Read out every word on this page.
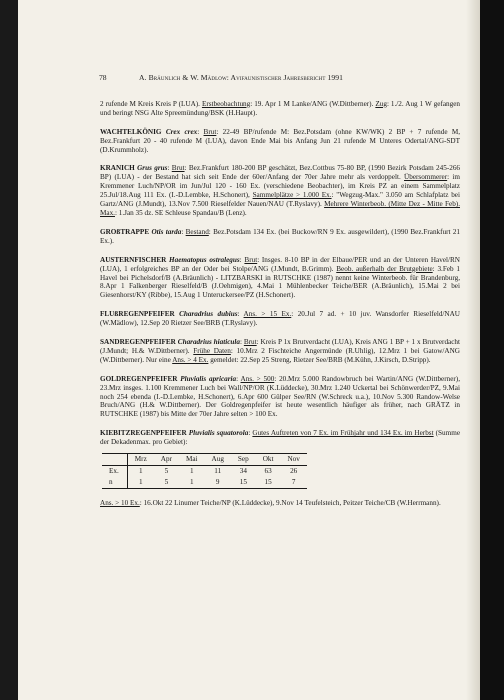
78	A. Bräunlich & W. Mädlow: Avifaunistischer Jahresbericht 1991

2 rufende M Kreis Kreis P (LUA). Erstbeobachtung: 19. Apr 1 M Lanke/ANG (W.Dittberner). Zug: 1./2. Aug 1 W gefangen und beringt NSG Alte Spreemündung/BSK (H.Haupt).

WACHTELKÖNIG Crex crex: Brut: 22-49 BP/rufende M: Bez.Potsdam (ohne KW/WK) 2 BP + 7 rufende M, Bez.Frankfurt 20 - 40 rufende M (LUA), davon Ende Mai bis Anfang Jun 21 rufende M Unteres Odertal/ANG-SDT (D.Krummholz).

KRANICH Grus grus: Brut: Bez.Frankfurt 180-200 BP geschätzt, Bez.Cottbus 75-80 BP, (1990 Bezirk Potsdam 245-266 BP) (LUA) - der Bestand hat sich seit Ende der 60er/Anfang der 70er Jahre mehr als verdoppelt. Übersommerer: im Kremmener Luch/NP/OR im Jun/Jul 120 - 160 Ex. (verschiedene Beobachter), im Kreis PZ an einem Sammelplatz 25.Jul/18.Aug 111 Ex. (I.-D.Lembke, H.Schonert), Sammelplätze > 1.000 Ex.: "Wegzug-Max." 3.050 am Schlafplatz bei Gartz/ANG (J.Mundt), 13.Nov 7.500 Rieselfelder Nauen/NAU (T.Ryslavy). Mehrere Winterbeob. (Mitte Dez - Mitte Feb). Max.: 1.Jan 35 dz. SE Schleuse Spandau/B (Lenz).

GROßTRAPPE Otis tarda: Bestand: Bez.Potsdam 134 Ex. (bei Buckow/RN 9 Ex. ausgewildert), (1990 Bez.Frankfurt 21 Ex.).

AUSTERNFISCHER Haematopus ostralegus: Brut: Insges. 8-10 BP in der Elbaue/PER und an der Unteren Havel/RN (LUA), 1 erfolgreiches BP an der Oder bei Stolpe/ANG (J.Mundt, B.Grimm). Beob. außerhalb der Brutgebiete: 3.Feb 1 Havel bei Pichelsdorf/B (A.Bräunlich) - LITZBARSKI in RUTSCHKE (1987) nennt keine Winterbeob. für Brandenburg, 8.Apr 1 Falkenberger Rieselfeld/B (J.Oehmigen), 4.Mai 1 Mühlenbecker Teiche/BER (A.Bräunlich), 15.Mai 2 bei Giesenhorst/KY (Ribbe), 15.Aug 1 Unteruckersee/PZ (H.Schonert).

FLUßREGENPFEIFER Charadrius dubius: Ans. > 15 Ex.: 20.Jul 7 ad. + 10 juv. Wansdorfer Rieselfeld/NAU (W.Mädlow), 12.Sep 20 Rietzer See/BRB (T.Ryslavy).

SANDREGENPFEIFER Charadrius hiaticula: Brut: Kreis P 1x Brutverdacht (LUA), Kreis ANG 1 BP + 1 x Brutverdacht (J.Mundt; H.& W.Dittberner). Frühe Daten: 10.Mrz 2 Fischteiche Angermünde (R.Uhlig), 12.Mrz 1 bei Gatow/ANG (W.Dittberner). Nur eine Ans. > 4 Ex. gemeldet: 22.Sep 25 Streng, Rietzer See/BRB (M.Kühn, J.Kirsch, D.Stripp).

GOLDREGENPFEIFER Pluvialis apricaria: Ans. > 500: 20.Mrz 5.000 Randowbruch bei Wartin/ANG (W.Dittberner), 23.Mrz insges. 1.100 Kremmener Luch bei Wall/NP/OR (K.Lüddecke), 30.Mrz 1.240 Uckertal bei Schönwerder/PZ, 9.Mai noch 254 ebenda (I.-D.Lembke, H.Schonert), 6.Apr 600 Gülper See/RN (W.Schreck u.a.), 10.Nov 5.300 Randow-Welse Bruch/ANG (H.& W.Dittberner). Der Goldregenpfeifer ist heute wesentlich häufiger als früher, nach GRÄTZ in RUTSCHKE (1987) bis Mitte der 70er Jahre selten > 100 Ex.

KIEBITZREGENPFEIFER Pluvialis squatorola: Gutes Auftreten von 7 Ex. im Frühjahr und 134 Ex. im Herbst (Summe der Dekadenmax. pro Gebiet):

	Mrz	Apr	Mai	Aug	Sep	Okt	Nov
Ex.	1	5	1	11	34	63	26
n	1	5	1	9	15	15	7

Ans. > 10 Ex.: 16.Okt 22 Linumer Teiche/NP (K.Lüddecke), 9.Nov 14 Teufelsteich, Peitzer Teiche/CB (W.Herrmann).
